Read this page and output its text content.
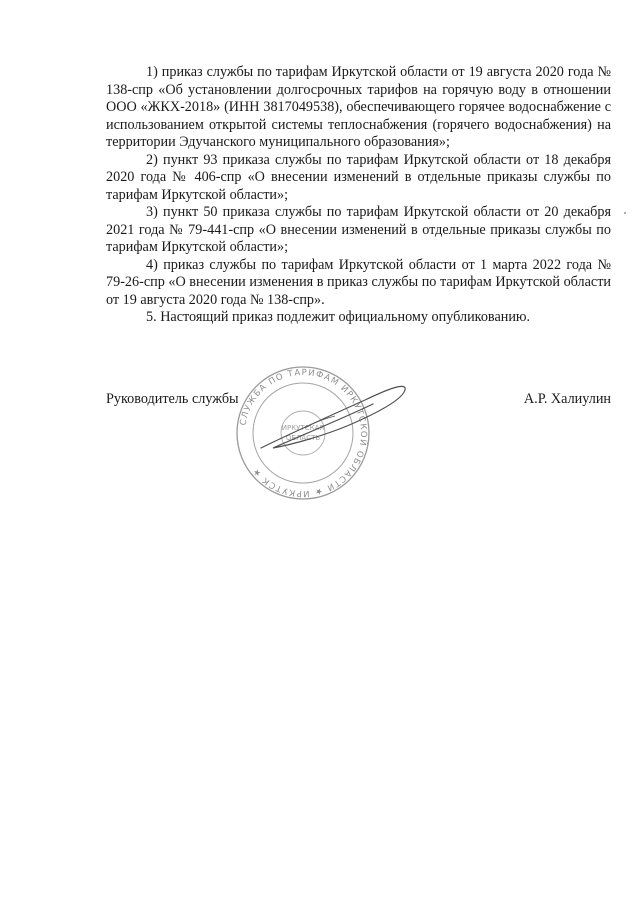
1) приказ службы по тарифам Иркутской области от 19 августа 2020 года № 138-спр «Об установлении долгосрочных тарифов на горячую воду в отношении ООО «ЖКХ-2018» (ИНН 3817049538), обеспечивающего горячее водоснабжение с использованием открытой системы теплоснабжения (горячего водоснабжения) на территории Эдучанского муниципального образования»;

2) пункт 93 приказа службы по тарифам Иркутской области от 18 декабря 2020 года № 406-спр «О внесении изменений в отдельные приказы службы по тарифам Иркутской области»;

3) пункт 50 приказа службы по тарифам Иркутской области от 20 декабря 2021 года № 79-441-спр «О внесении изменений в отдельные приказы службы по тарифам Иркутской области»;

4) приказ службы по тарифам Иркутской области от 1 марта 2022 года № 79-26-спр «О внесении изменения в приказ службы по тарифам Иркутской области от 19 августа 2020 года № 138-спр».

5. Настоящий приказ подлежит официальному опубликованию.

СЛУЖБА ПО ТАРИФАМ ИРКУТСКОЙ ОБЛАСТИ ★ ИРКУТСК ★
ИРКУТСКАЯ
ОБЛАСТЬ
Руководитель службы	А.Р. Халиулин
